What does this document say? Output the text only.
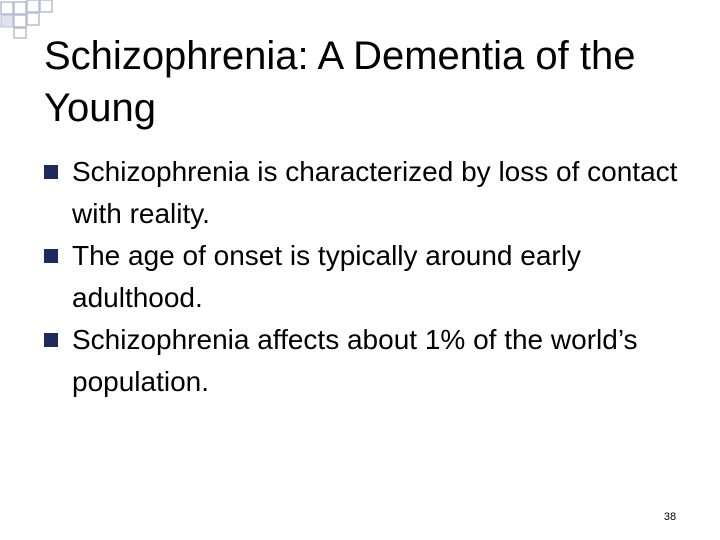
Schizophrenia: A Dementia of the Young
Schizophrenia is characterized by loss of contact with reality.
The age of onset is typically around early adulthood.
Schizophrenia affects about 1% of the world’s population.
38
